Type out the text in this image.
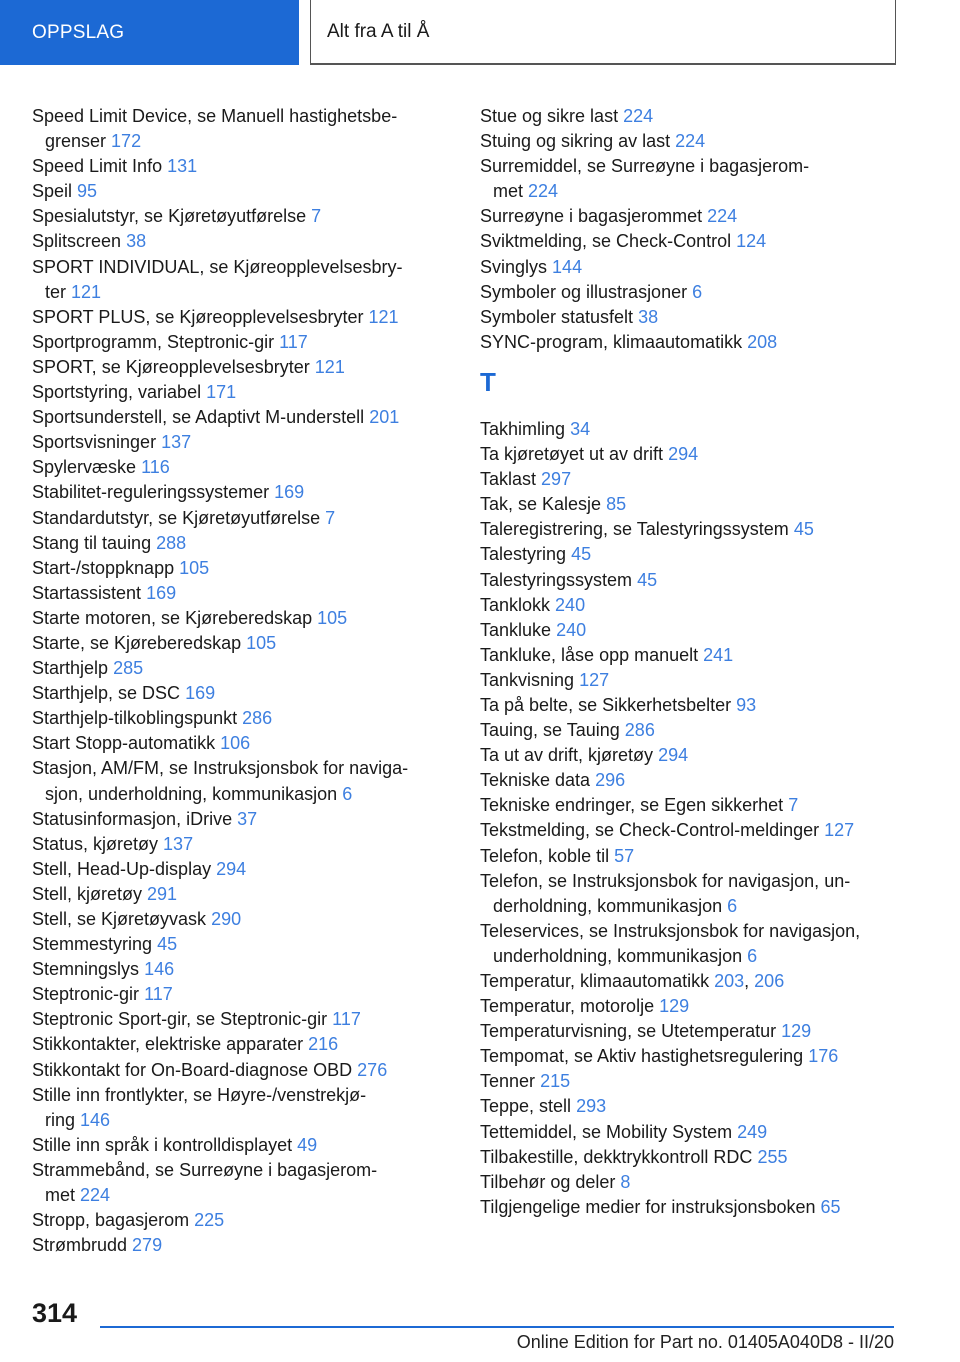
OPPSLAG	Alt fra A til Å
Speed Limit Device, se Manuell hastighetsbe-
grenser 172
Speed Limit Info 131
Speil 95
Spesialutstyr, se Kjøretøyutførelse 7
Splitscreen 38
SPORT INDIVIDUAL, se Kjøreopplevelsesbry-
ter 121
SPORT PLUS, se Kjøreopplevelsesbryter 121
Sportprogramm, Steptronic-gir 117
SPORT, se Kjøreopplevelsesbryter 121
Sportstyring, variabel 171
Sportsunderstell, se Adaptivt M-understell 201
Sportsvisninger 137
Spylervæske 116
Stabilitet-reguleringssystemer 169
Standardutstyr, se Kjøretøyutførelse 7
Stang til tauing 288
Start-/stoppknapp 105
Startassistent 169
Starte motoren, se Kjøreberedskap 105
Starte, se Kjøreberedskap 105
Starthjelp 285
Starthjelp, se DSC 169
Starthjelp-tilkoblingspunkt 286
Start Stopp-automatikk 106
Stasjon, AM/FM, se Instruksjonsbok for naviga-
sjon, underholdning, kommunikasjon 6
Statusinformasjon, iDrive 37
Status, kjøretøy 137
Stell, Head-Up-display 294
Stell, kjøretøy 291
Stell, se Kjøretøyvask 290
Stemmestyring 45
Stemningslys 146
Steptronic-gir 117
Steptronic Sport-gir, se Steptronic-gir 117
Stikkontakter, elektriske apparater 216
Stikkontakt for On-Board-diagnose OBD 276
Stille inn frontlykter, se Høyre-/venstrekjø-
ring 146
Stille inn språk i kontrolldisplayet 49
Strammebånd, se Surreøyne i bagasjerom-
met 224
Stropp, bagasjerom 225
Strømbrudd 279
Stue og sikre last 224
Stuing og sikring av last 224
Surremiddel, se Surreøyne i bagasjerom-
met 224
Surreøyne i bagasjerommet 224
Sviktmelding, se Check-Control 124
Svinglys 144
Symboler og illustrasjoner 6
Symboler statusfelt 38
SYNC-program, klimaautomatikk 208
T
Takhimling 34
Ta kjøretøyet ut av drift 294
Taklast 297
Tak, se Kalesje 85
Taleregistrering, se Talestyringssystem 45
Talestyring 45
Talestyringssystem 45
Tanklokk 240
Tankluke 240
Tankluke, låse opp manuelt 241
Tankvisning 127
Ta på belte, se Sikkerhetsbelter 93
Tauing, se Tauing 286
Ta ut av drift, kjøretøy 294
Tekniske data 296
Tekniske endringer, se Egen sikkerhet 7
Tekstmelding, se Check-Control-meldinger 127
Telefon, koble til 57
Telefon, se Instruksjonsbok for navigasjon, un-
derholdning, kommunikasjon 6
Teleservices, se Instruksjonsbok for navigasjon,
underholdning, kommunikasjon 6
Temperatur, klimaautomatikk 203, 206
Temperatur, motorolje 129
Temperaturvisning, se Utetemperatur 129
Tempomat, se Aktiv hastighetsregulering 176
Tenner 215
Teppe, stell 293
Tettemiddel, se Mobility System 249
Tilbakestille, dekktrykkontroll RDC 255
Tilbehør og deler 8
Tilgjengelige medier for instruksjonsboken 65
314
Online Edition for Part no. 01405A040D8 - II/20
